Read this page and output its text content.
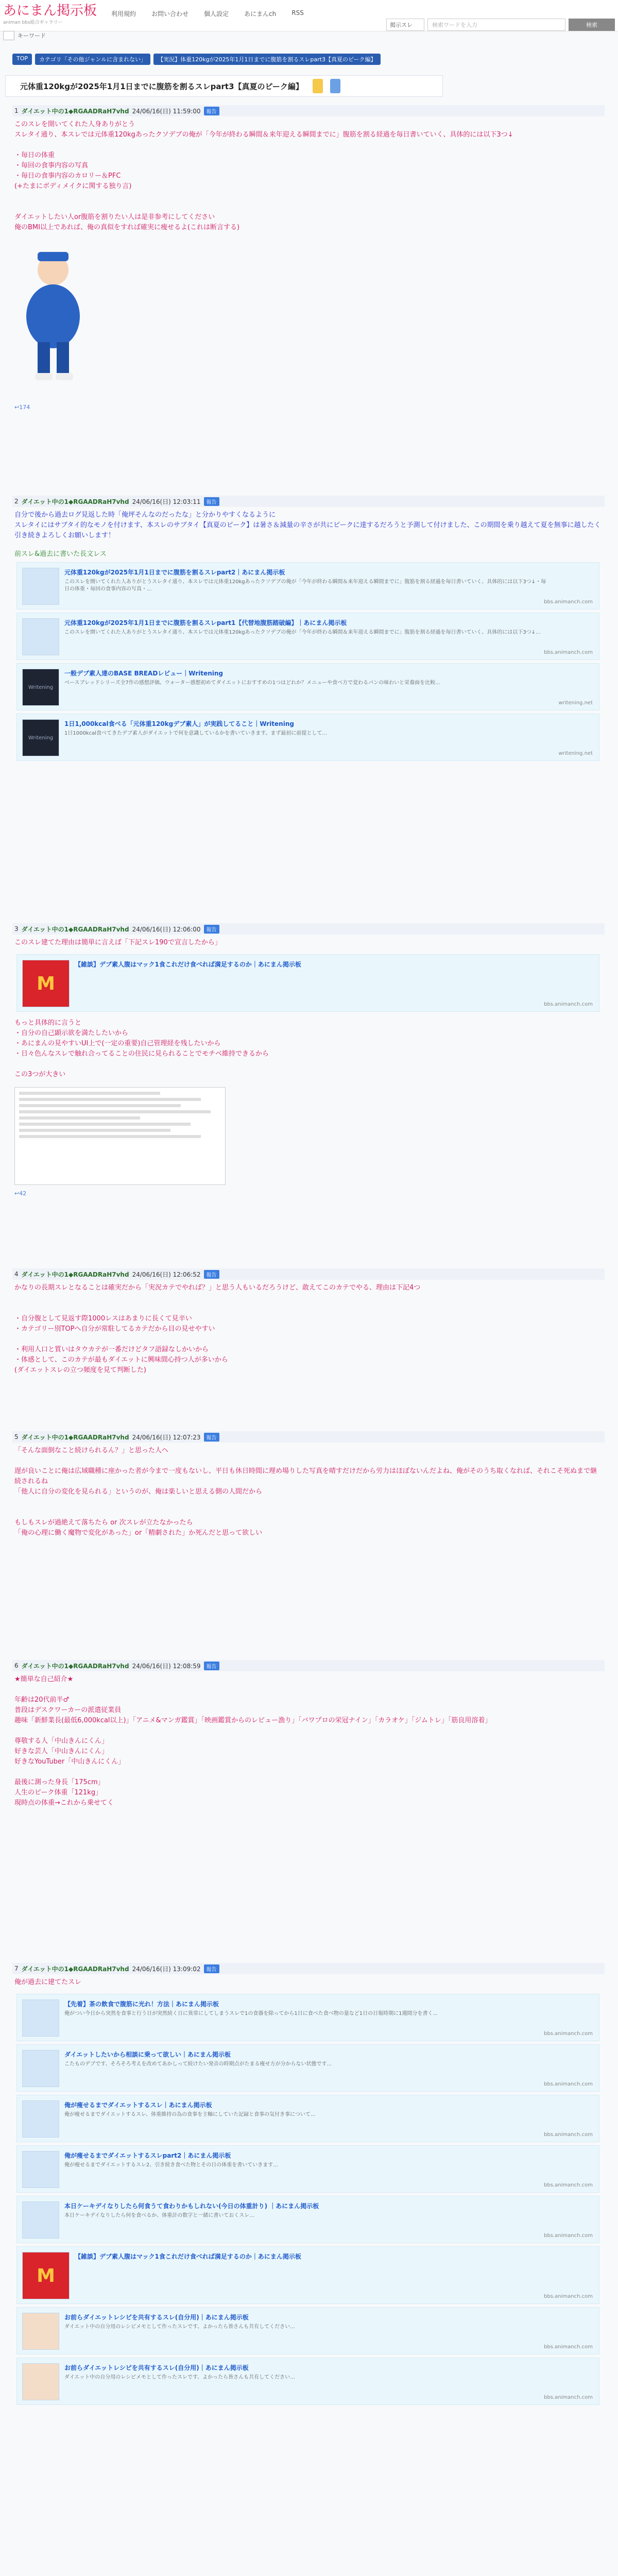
あにまん掲示板
animan bbs総合ギャラリー
利用規約	お問い合わせ	個人設定	あにまんch	RSS
掲示スレ	検索ワードを入力	検索
キーワード
TOP	カテゴリ「その他ジャンルに含まれない」	【実況】体重120kgが2025年1月1日までに腹筋を割るスレpart3【真夏のピーク編】
元体重120kgが2025年1月1日までに腹筋を割るスレpart3【真夏のピーク編】
1 ダイエット中の1◆RGAADRaH7vhd 24/06/16(日) 11:59:00	報告
このスレを開いてくれた人身ありがとう
スレタイ通り、本スレでは元体重120kgあったクソデブの俺が「今年が終わる瞬間＆来年迎える瞬間までに」腹筋を割る経過を毎日書いていく、具体的には以下3つ↓

・毎日の体重
・毎回の食事内容の写真
・毎日の食事内容のカロリー＆PFC
(+たまにボディメイクに関する独り言)

ダイエットしたい人or腹筋を割りたい人は是非参考にしてください
俺のBMI以上であれば、俺の真似をすれば確実に痩せるよ(これは断言する)
↩174
2 ダイエット中の1◆RGAADRaH7vhd 24/06/16(日) 12:03:11	報告
自分で後から過去ログ見返した時「俺坪そんなのだったな」と分かりやすくなるように
スレタイにはサブタイ的なモノを付けます、本スレのサブタイ【真夏のピーク】は暑さ＆減量の辛さが共にピークに達するだろうと予測して付けました、この期間を乗り越えて夏を無事に越したく
引き続きよろしくお願いします！
前スレ&過去に書いた長文レス
元体重120kgが2025年1月1日までに腹筋を割るスレpart2｜あにまん掲示板
このスレを開いてくれた人ありがとうスレタイ通り、本スレでは元体重120kgあったクソデブの俺が「今年が終わる瞬間＆来年迎える瞬間までに」腹筋を割る経過を毎日書いていく、具体的には以下3つ↓・毎日の体重・毎回の食事内容の写真・...
bbs.animanch.com
元体重120kgが2025年1月1日までに腹筋を割るスレpart1【代替地腹筋踏破編】｜あにまん掲示板
このスレを開いてくれた人ありがとうスレタイ通り、本スレでは元体重120kgあったクソデブの俺が「今年が終わる瞬間＆来年迎える瞬間までに」腹筋を割る経過を毎日書いていく、具体的には以下3つ↓...
bbs.animanch.com
Writening
一般デブ素人達のBASE BREADレビュー｜Writening
ベースブレッドシリーズ全7作の感想評価。ウォーター感想初めてダイエットにおすすめの1つはどれか？メニューや食べ方で変わるパンの味わいと栄養面を比較...
writening.net
Writening
1日1,000kcal食べる「元体重120kgデブ素人」が実践してること｜Writening
1日1000kcal食べてきたデブ素人がダイエットで何を意識しているかを書いていきます。まず最初に前提として...
writening.net
3 ダイエット中の1◆RGAADRaH7vhd 24/06/16(日) 12:06:00	報告
このスレ建てた理由は簡単に言えば「下記スレ190で宣言したから」
M
【雑談】デブ素人腹はマック1食これだけ食べれば満足するのか｜あにまん掲示板
bbs.animanch.com
もっと具体的に言うと
・自分の自己顕示欲を満たしたいから
・あにまんの見やすいUI上で(一定の重要)自己管理経を残したいから
・日々色んなスレで触れ合ってることの住民に見られることでモチベ維持できるから

この3つが大きい
↩42
4 ダイエット中の1◆RGAADRaH7vhd 24/06/16(日) 12:06:52	報告
かなりの長期スレとなることは確実だから「実況カテでやれば？」と思う人もいるだろうけど、敢えてこのカテでやる、理由は下記4つ

・自分腹として見返す際1000レスはあまりに長くて見辛い
・カテゴリー別TOPへ自分が常駐してるカテだから目の見せやすい

・利用人口と質いはタウカテが一番だけどタフ語録なしかいから
・体感として、このカテが最もダイエットに興味間心持つ人が多いから
(ダイエットスレの立つ頻度を見て判断した)
5 ダイエット中の1◆RGAADRaH7vhd 24/06/16(日) 12:07:23	報告
「そんな面倒なこと続けられるん？」と思った人へ

遅が良いことに俺は広域職種に座かった者が今まで一度もないし、平日も休日時間に理め場りした写真を晴すだけだから労力はほぼないんだよね、俺がそのうち取くなれば、それこそ死ぬまで継続されるね
「他人に自分の変化を見られる」というのが、俺は楽しいと思える側の人間だから

もしもスレが過絶えて落ちたら or 次スレが立たなかったら
「俺の心理に働く魔物で変化があった」or「精劇された」か死んだと思って欲しい
6 ダイエット中の1◆RGAADRaH7vhd 24/06/16(日) 12:08:59	報告
★簡単な自己紹介★

年齢は20代前半♂
普段はデスクワーカーの派遣従業員
趣味「新鮮業長(最低6,000kcal以上)」「アニメ&マンガ鑑賞」「映画鑑賞からのレビュー漁り」「バワプロの栄冠ナイン」「カラオケ」「ジムトレ」「筋良用溶着」

尊敬する人「中山きんにくん」
好きな芸人「中山きんにくん」
好きなYouTuber「中山きんにくん」

最後に測った身長「175cm」
人生のピーク体重「121kg」
現時点の体重→これから乗せてく
7 ダイエット中の1◆RGAADRaH7vhd 24/06/16(日) 13:09:02	報告
俺が過去に建てたスレ
【先着】茶の飲食で腹筋に光れ！方法｜あにまん掲示板
俺がつい今日から突然を食事と行う日が突然続く日に異常にしてしまうスレで1の食器を除ってから1日に食べた食べ物の量など1日の日報時期に1週間分を書く...
bbs.animanch.com
ダイエットしたいから相談に乗って欲しい｜あにまん掲示板
こたものデブです、そろそろ考えを改めてあかしって続けたい発音の時期点がたまる痩せ方が分からない状態です...
bbs.animanch.com
俺が痩せるまでダイエットするスレ｜あにまん掲示板
俺が痩せるまでダイエットするスレ、体重維持の為の食事を主軸にしていた記録と食事の気付き事について...
bbs.animanch.com
俺が痩せるまでダイエットするスレpart2｜あにまん掲示板
俺が痩せるまでダイエットするスレ2、引き続き食べた物とその日の体重を書いていきます...
bbs.animanch.com
本日ケーキデイなりしたら何食うて食わりかもしれない(今日の体重計り) ｜あにまん掲示板
本日ケーキデイなりしたら何を食べるか、体重計の数字と一緒に書いておくスレ...
bbs.animanch.com
M
【雑談】デブ素人腹はマック1食これだけ食べれば満足するのか｜あにまん掲示板
bbs.animanch.com
お前らダイエットレシピを共有するスレ(自分用)｜あにまん掲示板
ダイエット中の自分用のレシピメモとして作ったスレです、よかったら皆さんも共有してください...
bbs.animanch.com
お前らダイエットレシピを共有するスレ(自分用)｜あにまん掲示板
ダイエット中の自分用のレシピメモとして作ったスレです、よかったら皆さんも共有してください...
bbs.animanch.com
